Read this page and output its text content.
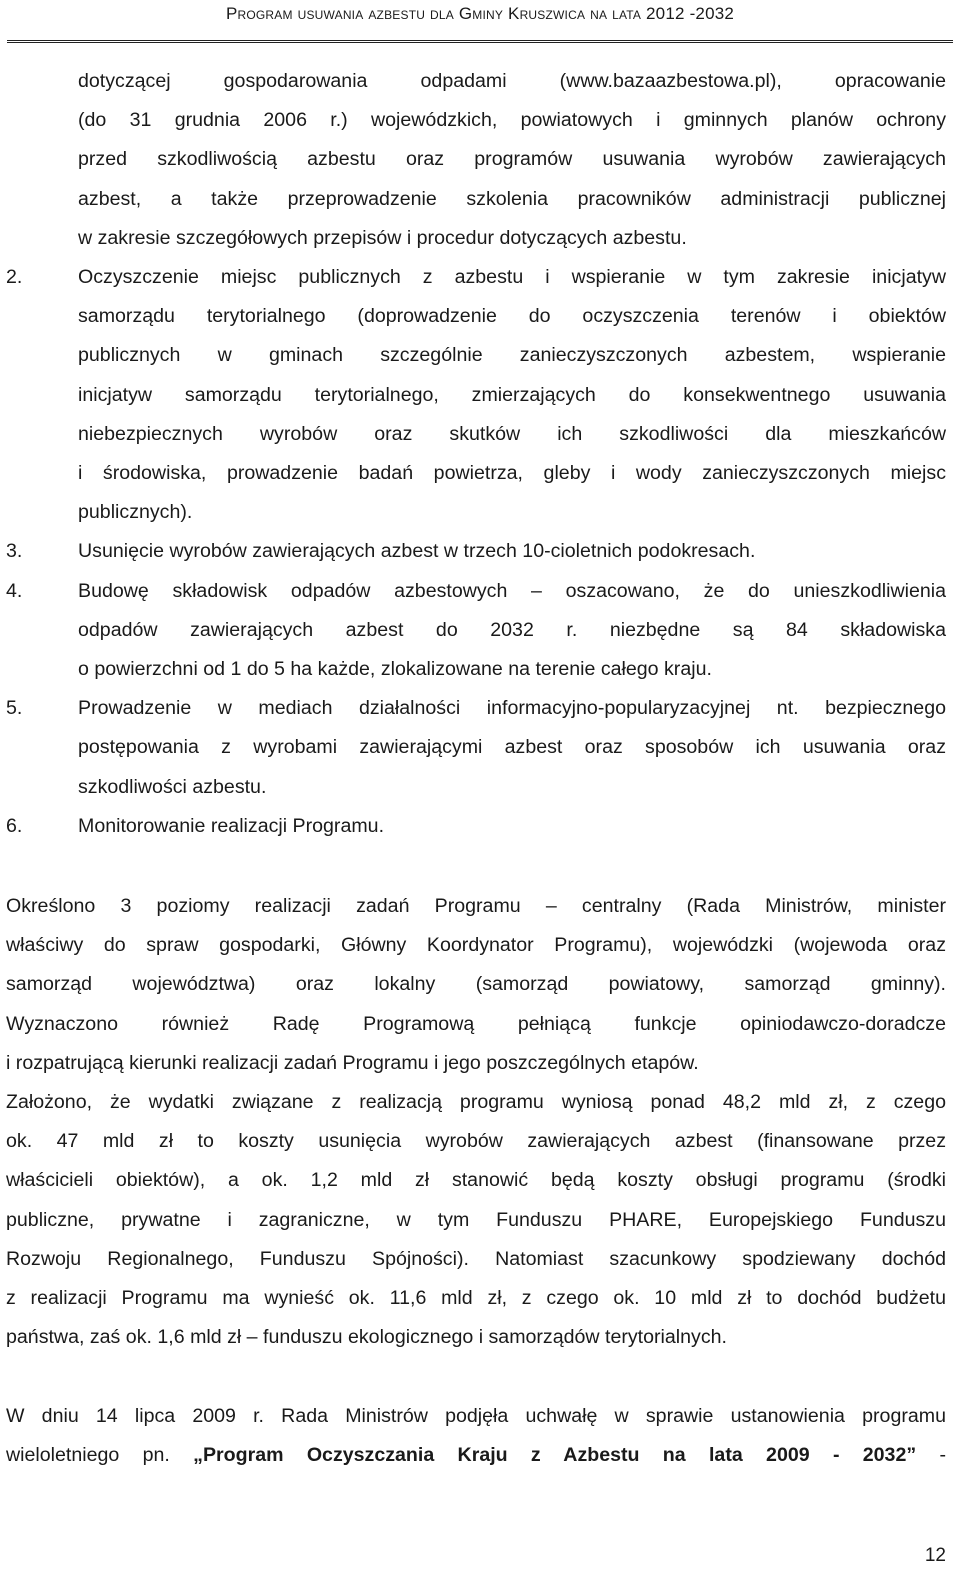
Program usuwania azbestu dla Gminy Kruszwica na lata 2012 -2032
dotyczącej gospodarowania odpadami (www.bazaazbestowa.pl), opracowanie
(do 31 grudnia 2006 r.) wojewódzkich, powiatowych i gminnych planów ochrony
przed szkodliwością azbestu oraz programów usuwania wyrobów zawierających
azbest, a także przeprowadzenie szkolenia pracowników administracji publicznej
w zakresie szczegółowych przepisów i procedur dotyczących azbestu.
2.	Oczyszczenie miejsc publicznych z azbestu i wspieranie w tym zakresie inicjatyw
samorządu terytorialnego (doprowadzenie do oczyszczenia terenów i obiektów
publicznych w gminach szczególnie zanieczyszczonych azbestem, wspieranie
inicjatyw samorządu terytorialnego, zmierzających do konsekwentnego usuwania
niebezpiecznych wyrobów oraz skutków ich szkodliwości dla mieszkańców
i środowiska, prowadzenie badań powietrza, gleby i wody zanieczyszczonych miejsc
publicznych).
3.	Usunięcie wyrobów zawierających azbest w trzech 10-cioletnich podokresach.
4.	Budowę składowisk odpadów azbestowych – oszacowano, że do unieszkodliwienia
odpadów zawierających azbest do 2032 r. niezbędne są 84 składowiska
o powierzchni od 1 do 5 ha każde, zlokalizowane na terenie całego kraju.
5.	Prowadzenie w mediach działalności informacyjno-popularyzacyjnej nt. bezpiecznego
postępowania z wyrobami zawierającymi azbest oraz sposobów ich usuwania oraz
szkodliwości azbestu.
6.	Monitorowanie realizacji Programu.
Określono 3 poziomy realizacji zadań Programu – centralny (Rada Ministrów, minister
właściwy do spraw gospodarki, Główny Koordynator Programu), wojewódzki (wojewoda oraz
samorząd województwa) oraz lokalny (samorząd powiatowy, samorząd gminny).
Wyznaczono również Radę Programową pełniącą funkcje opiniodawczo-doradcze
i rozpatrującą kierunki realizacji zadań Programu i jego poszczególnych etapów.
Założono, że wydatki związane z realizacją programu wyniosą ponad 48,2 mld zł, z czego
ok. 47 mld zł to koszty usunięcia wyrobów zawierających azbest (finansowane przez
właścicieli obiektów), a ok. 1,2 mld zł stanowić będą koszty obsługi programu (środki
publiczne, prywatne i zagraniczne, w tym Funduszu PHARE, Europejskiego Funduszu
Rozwoju Regionalnego, Funduszu Spójności). Natomiast szacunkowy spodziewany dochód
z realizacji Programu ma wynieść ok. 11,6 mld zł, z czego ok. 10 mld zł to dochód budżetu
państwa, zaś ok. 1,6 mld zł – funduszu ekologicznego i samorządów terytorialnych.
W dniu 14 lipca 2009 r. Rada Ministrów podjęła uchwałę w sprawie ustanowienia programu
wieloletniego pn. „Program Oczyszczania Kraju z Azbestu na lata 2009 - 2032” -
12
